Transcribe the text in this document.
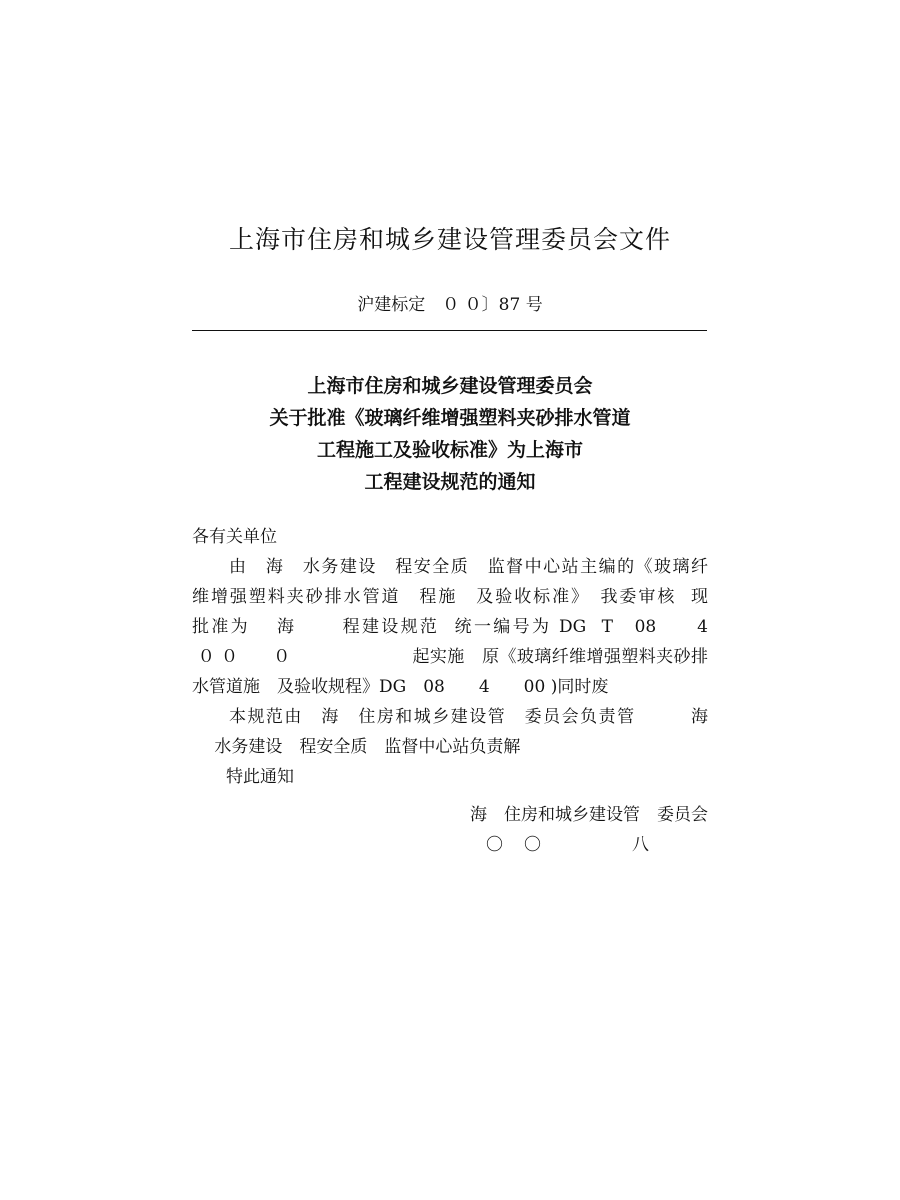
上海市住房和城乡建设管理委员会文件
沪建标定　０ ０〕87 号
上海市住房和城乡建设管理委员会
关于批准《玻璃纤维增强塑料夹砂排水管道
工程施工及验收标准》为上海市
工程建设规范的通知
各有关单位
　　由　海　水务建设　程安全质　监督中心站主编的《玻璃纤
维增强塑料夹砂排水管道　程施　及验收标准》　我委审核  现
批准为　 海　　 程建设规范  统一编号为 DG  T　08　　4
０ ０　　０　　　　　　　起实施　原《玻璃纤维增强塑料夹砂排
水管道施　及验收规程》DG　08　　4　　00 )同时废
　　本规范由　海　住房和城乡建设管　委员会负责管　　　海
　水务建设　程安全质　监督中心站负责解
　　特此通知
海　住房和城乡建设管　委员会
〇 〇	八
